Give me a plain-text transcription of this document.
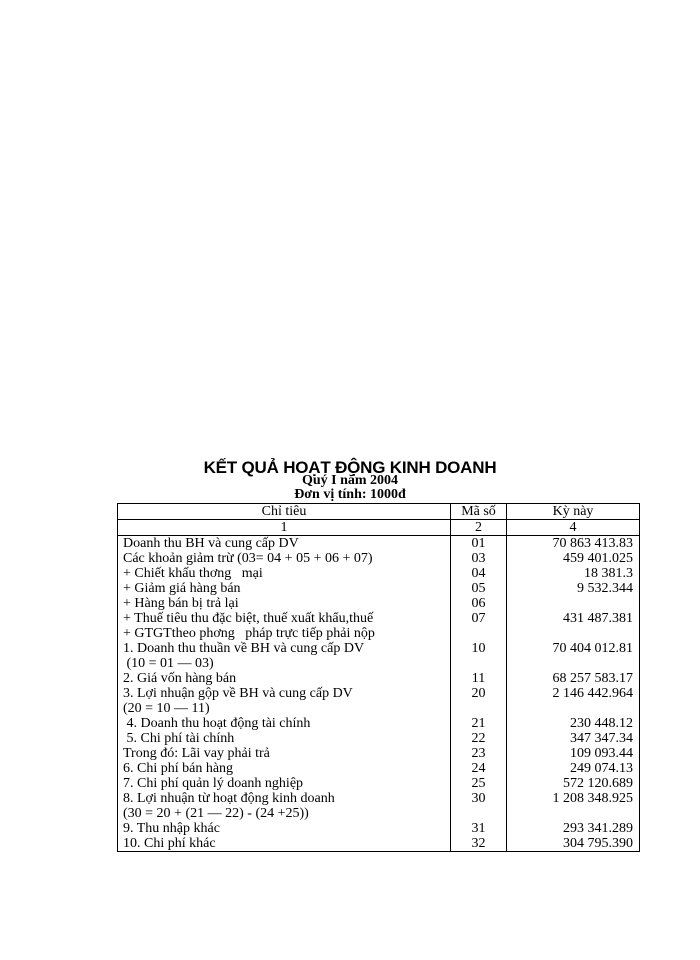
KẾT QUẢ HOẠT ĐỘNG KINH DOANH

Quý I năm 2004

Đơn vị tính: 1000đ

Chỉ tiêu	Mã số	Kỳ này
1	2	4
Doanh thu BH và cung cấp DV	01	70 863 413.83
Các khoản giảm trừ (03= 04 + 05 + 06 + 07)	03	459 401.025
+ Chiết khấu thơng   mại	04	18 381.3
+ Giảm giá hàng bán	05	9 532.344
+ Hàng bán bị trả lại	06	

+ Thuế tiêu thu đặc biệt, thuế xuất khẩu,thuế
+ GTGTtheo phơng   pháp trực tiếp phải nộp	07	431 487.381

1. Doanh thu thuần về BH và cung cấp DV
(10 = 01 — 03)	10	70 404 012.81
2. Giá vốn hàng bán	11	68 257 583.17

3. Lợi nhuận gộp về BH và cung cấp DV
(20 = 10 — 11)	20	2 146 442.964
4. Doanh thu hoạt động tài chính	21	230 448.12
5. Chi phí tài chính	22	347 347.34
Trong đó: Lãi vay phải trả	23	109 093.44
6. Chi phí bán hàng	24	249 074.13
7. Chi phí quản lý doanh nghiệp	25	572 120.689

8. Lợi nhuận từ hoạt động kinh doanh
(30 = 20 + (21 — 22) - (24 +25))	30	1 208 348.925
9. Thu nhập khác	31	293 341.289
10. Chi phí khác	32	304 795.390
